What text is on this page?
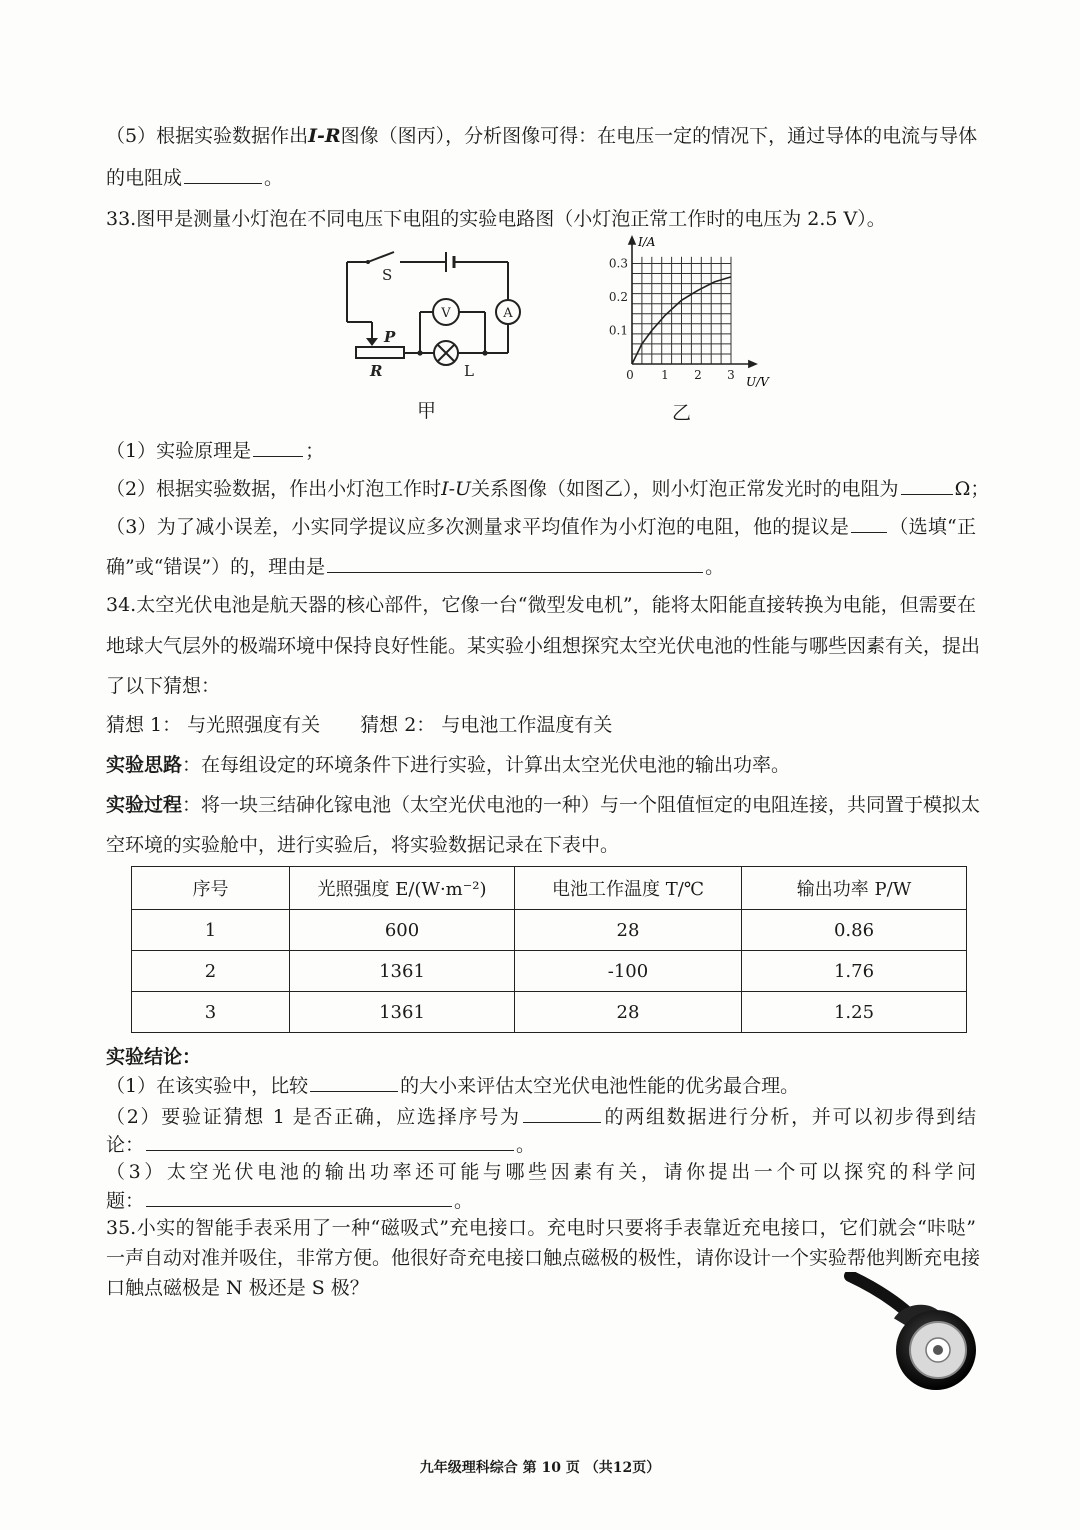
（5）根据实验数据作出I-R图像（图丙），分析图像可得：在电压一定的情况下，通过导体的电流与导体
的电阻成	。
33.图甲是测量小灯泡在不同电压下电阻的实验电路图（小灯泡正常工作时的电压为 2.5 V）。
S
V	A
P
R	L
甲
0 1 2 3
0.1
0.2
0.3
I/A
U/V
乙
（1）实验原理是	；
（2）根据实验数据，作出小灯泡工作时I-U关系图像（如图乙），则小灯泡正常发光时的电阻为	Ω；
（3）为了减小误差，小实同学提议应多次测量求平均值作为小灯泡的电阻，他的提议是 （选填“正
确”或“错误”）的，理由是	。
34.太空光伏电池是航天器的核心部件，它像一台“微型发电机”，能将太阳能直接转换为电能，但需要在
地球大气层外的极端环境中保持良好性能。某实验小组想探究太空光伏电池的性能与哪些因素有关，提出
了以下猜想：
猜想 1： 与光照强度有关 猜想 2： 与电池工作温度有关
实验思路：在每组设定的环境条件下进行实验，计算出太空光伏电池的输出功率。
实验过程：将一块三结砷化镓电池（太空光伏电池的一种）与一个阻值恒定的电阻连接，共同置于模拟太
空环境的实验舱中，进行实验后，将实验数据记录在下表中。
序号	光照强度 E/(W·m⁻²)	电池工作温度 T/℃	输出功率 P/W
1	600	28	0.86
2	1361	-100	1.76
3	1361	28	1.25
实验结论：
（1）在该实验中，比较	的大小来评估太空光伏电池性能的优劣最合理。
（2）要验证猜想 1 是否正确，应选择序号为	的两组数据进行分析，并可以初步得到结
论：	。
（3）太空光伏电池的输出功率还可能与哪些因素有关，请你提出一个可以探究的科学问
题：	。
35.小实的智能手表采用了一种“磁吸式”充电接口。充电时只要将手表靠近充电接口，它们就会“咔哒”
一声自动对准并吸住，非常方便。他很好奇充电接口触点磁极的极性，请你设计一个实验帮他判断充电接
口触点磁极是 N 极还是 S 极？
九年级理科综合 第 10 页 （共12页）
